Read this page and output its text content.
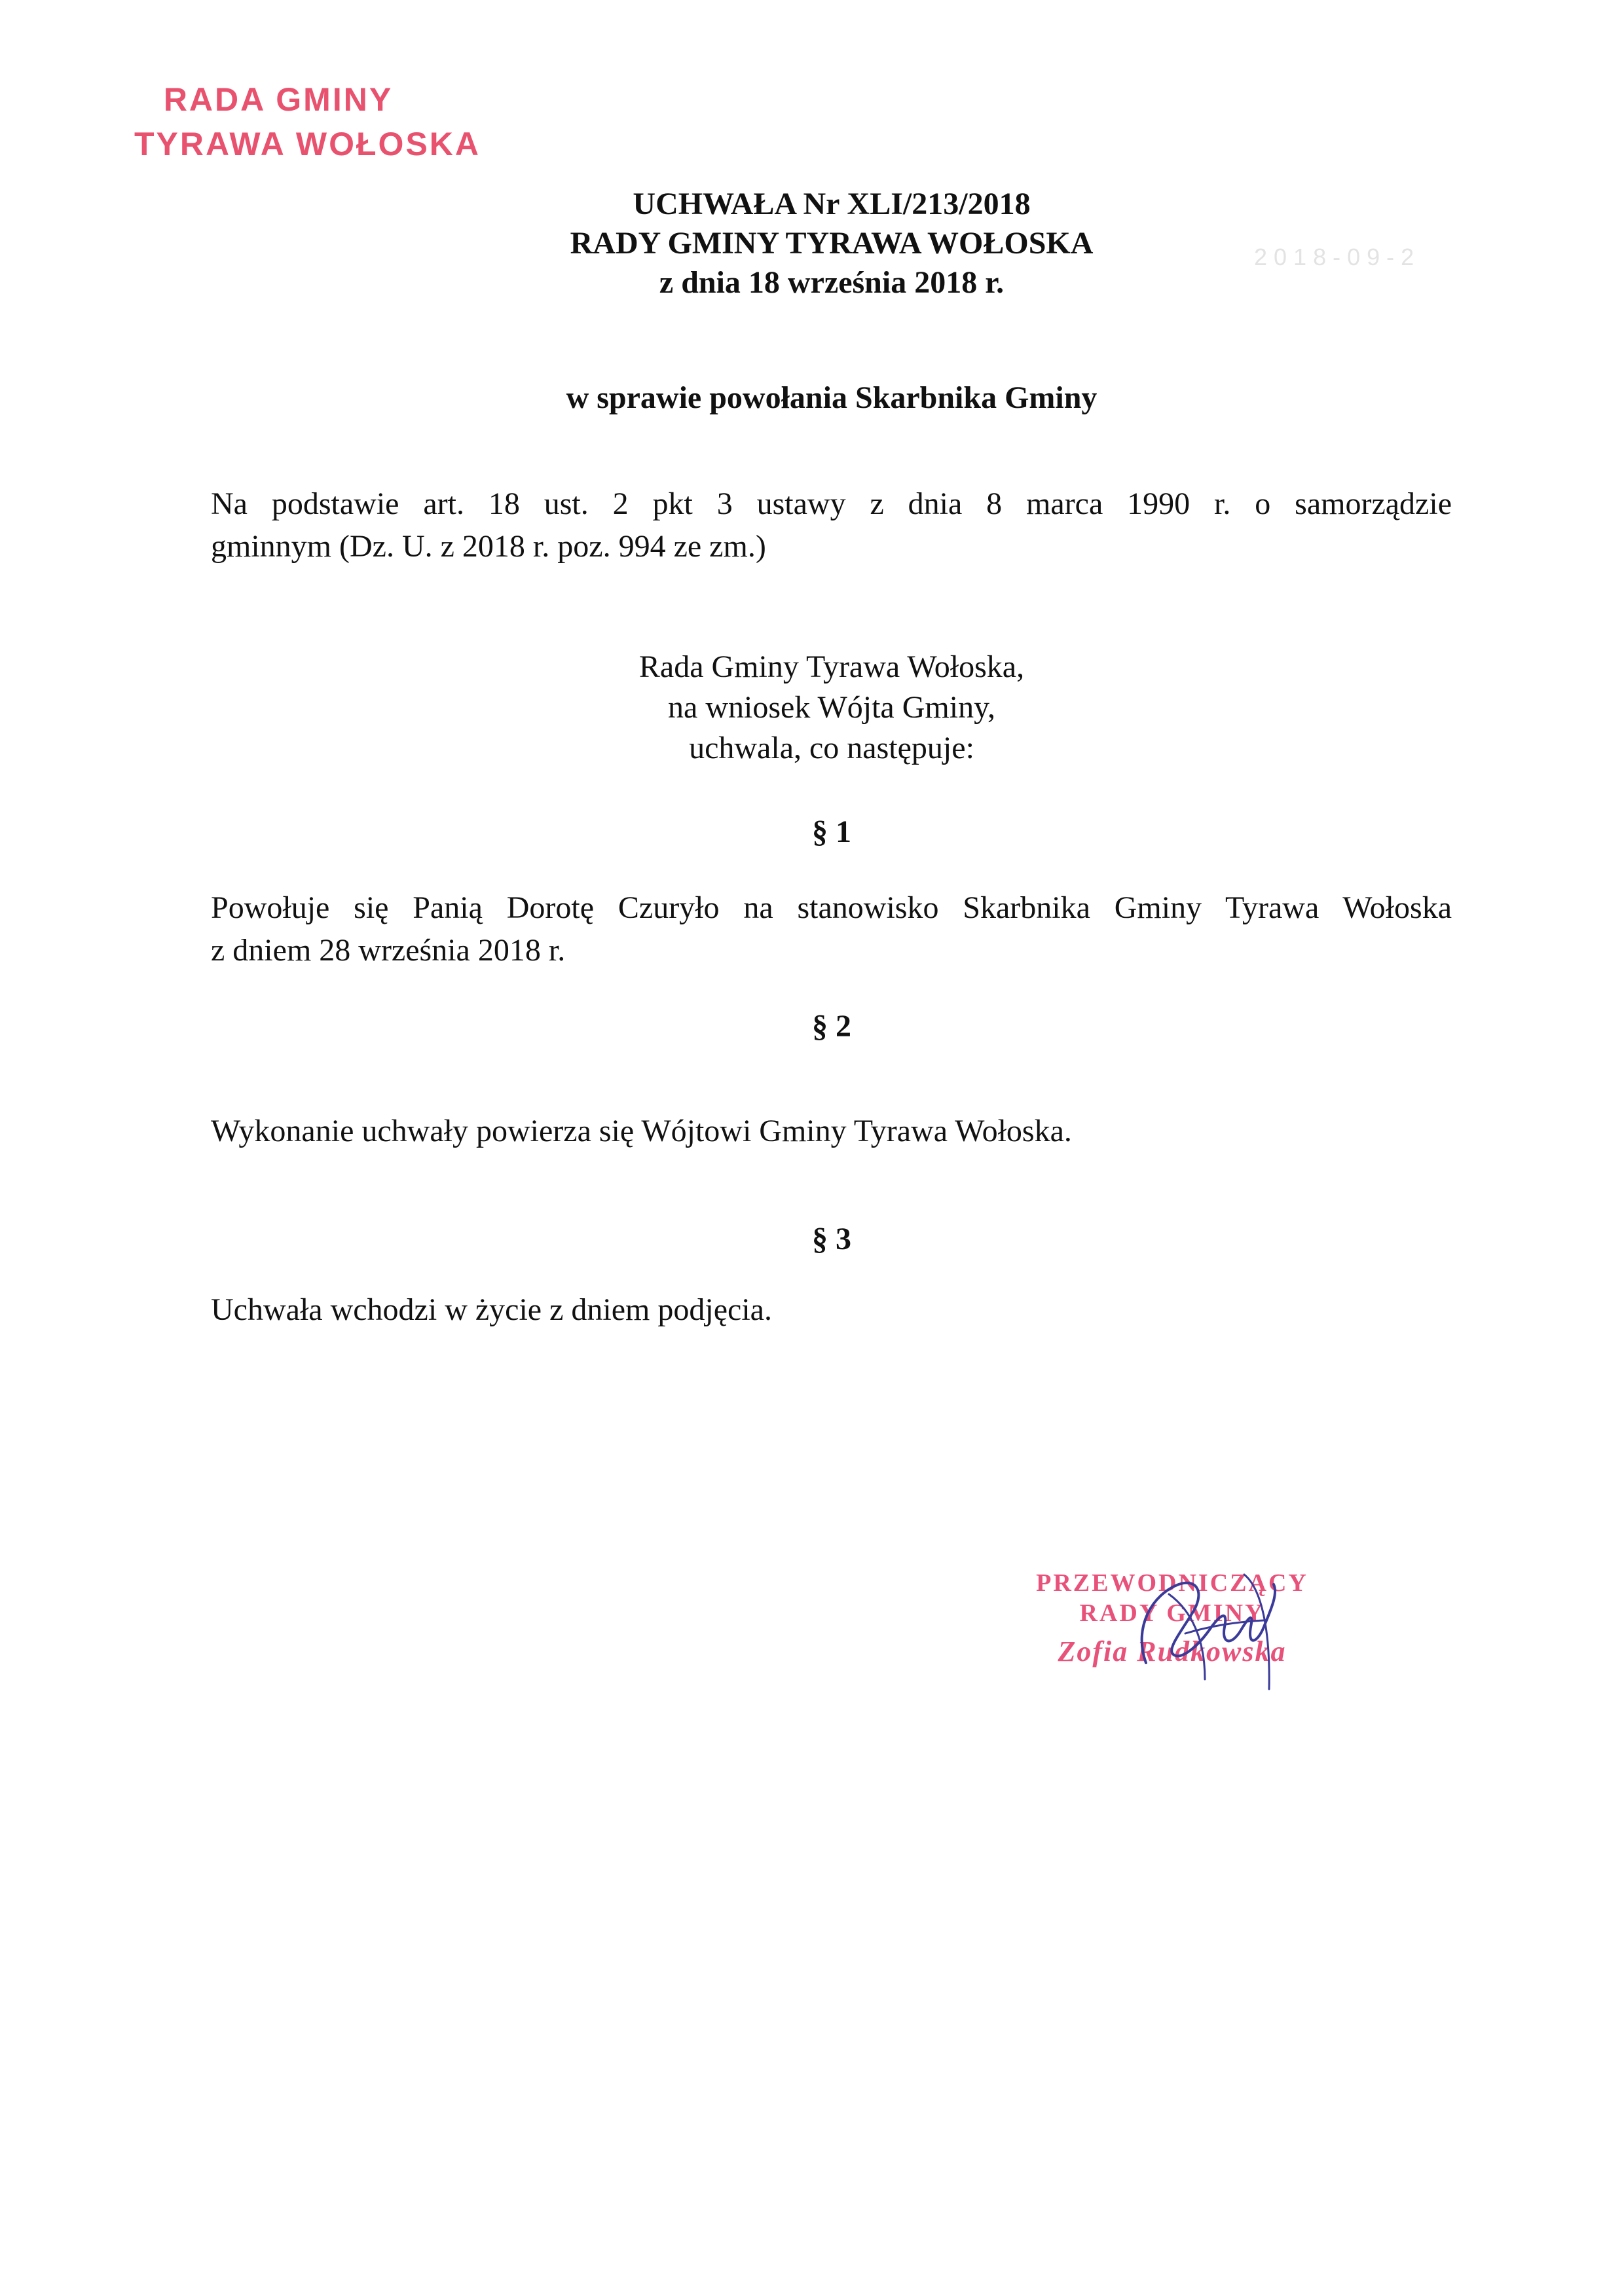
RADA GMINY
TYRAWA WOŁOSKA
2018-09-2
UCHWAŁA Nr XLI/213/2018
RADY GMINY TYRAWA WOŁOSKA
z dnia 18 września 2018 r.
w sprawie powołania Skarbnika Gminy
Na podstawie art. 18 ust. 2 pkt 3 ustawy z dnia 8 marca 1990 r. o samorządzie
gminnym (Dz. U. z 2018 r. poz. 994 ze zm.)
Rada Gminy Tyrawa Wołoska,
na wniosek Wójta Gminy,
uchwala, co następuje:
§ 1
Powołuje się Panią Dorotę Czuryło na stanowisko Skarbnika Gminy Tyrawa Wołoska
z dniem 28 września 2018 r.
§ 2
Wykonanie uchwały powierza się Wójtowi Gminy Tyrawa Wołoska.
§ 3
Uchwała wchodzi w życie z dniem podjęcia.
PRZEWODNICZĄCY
RADY GMINY
Zofia Rudkowska
